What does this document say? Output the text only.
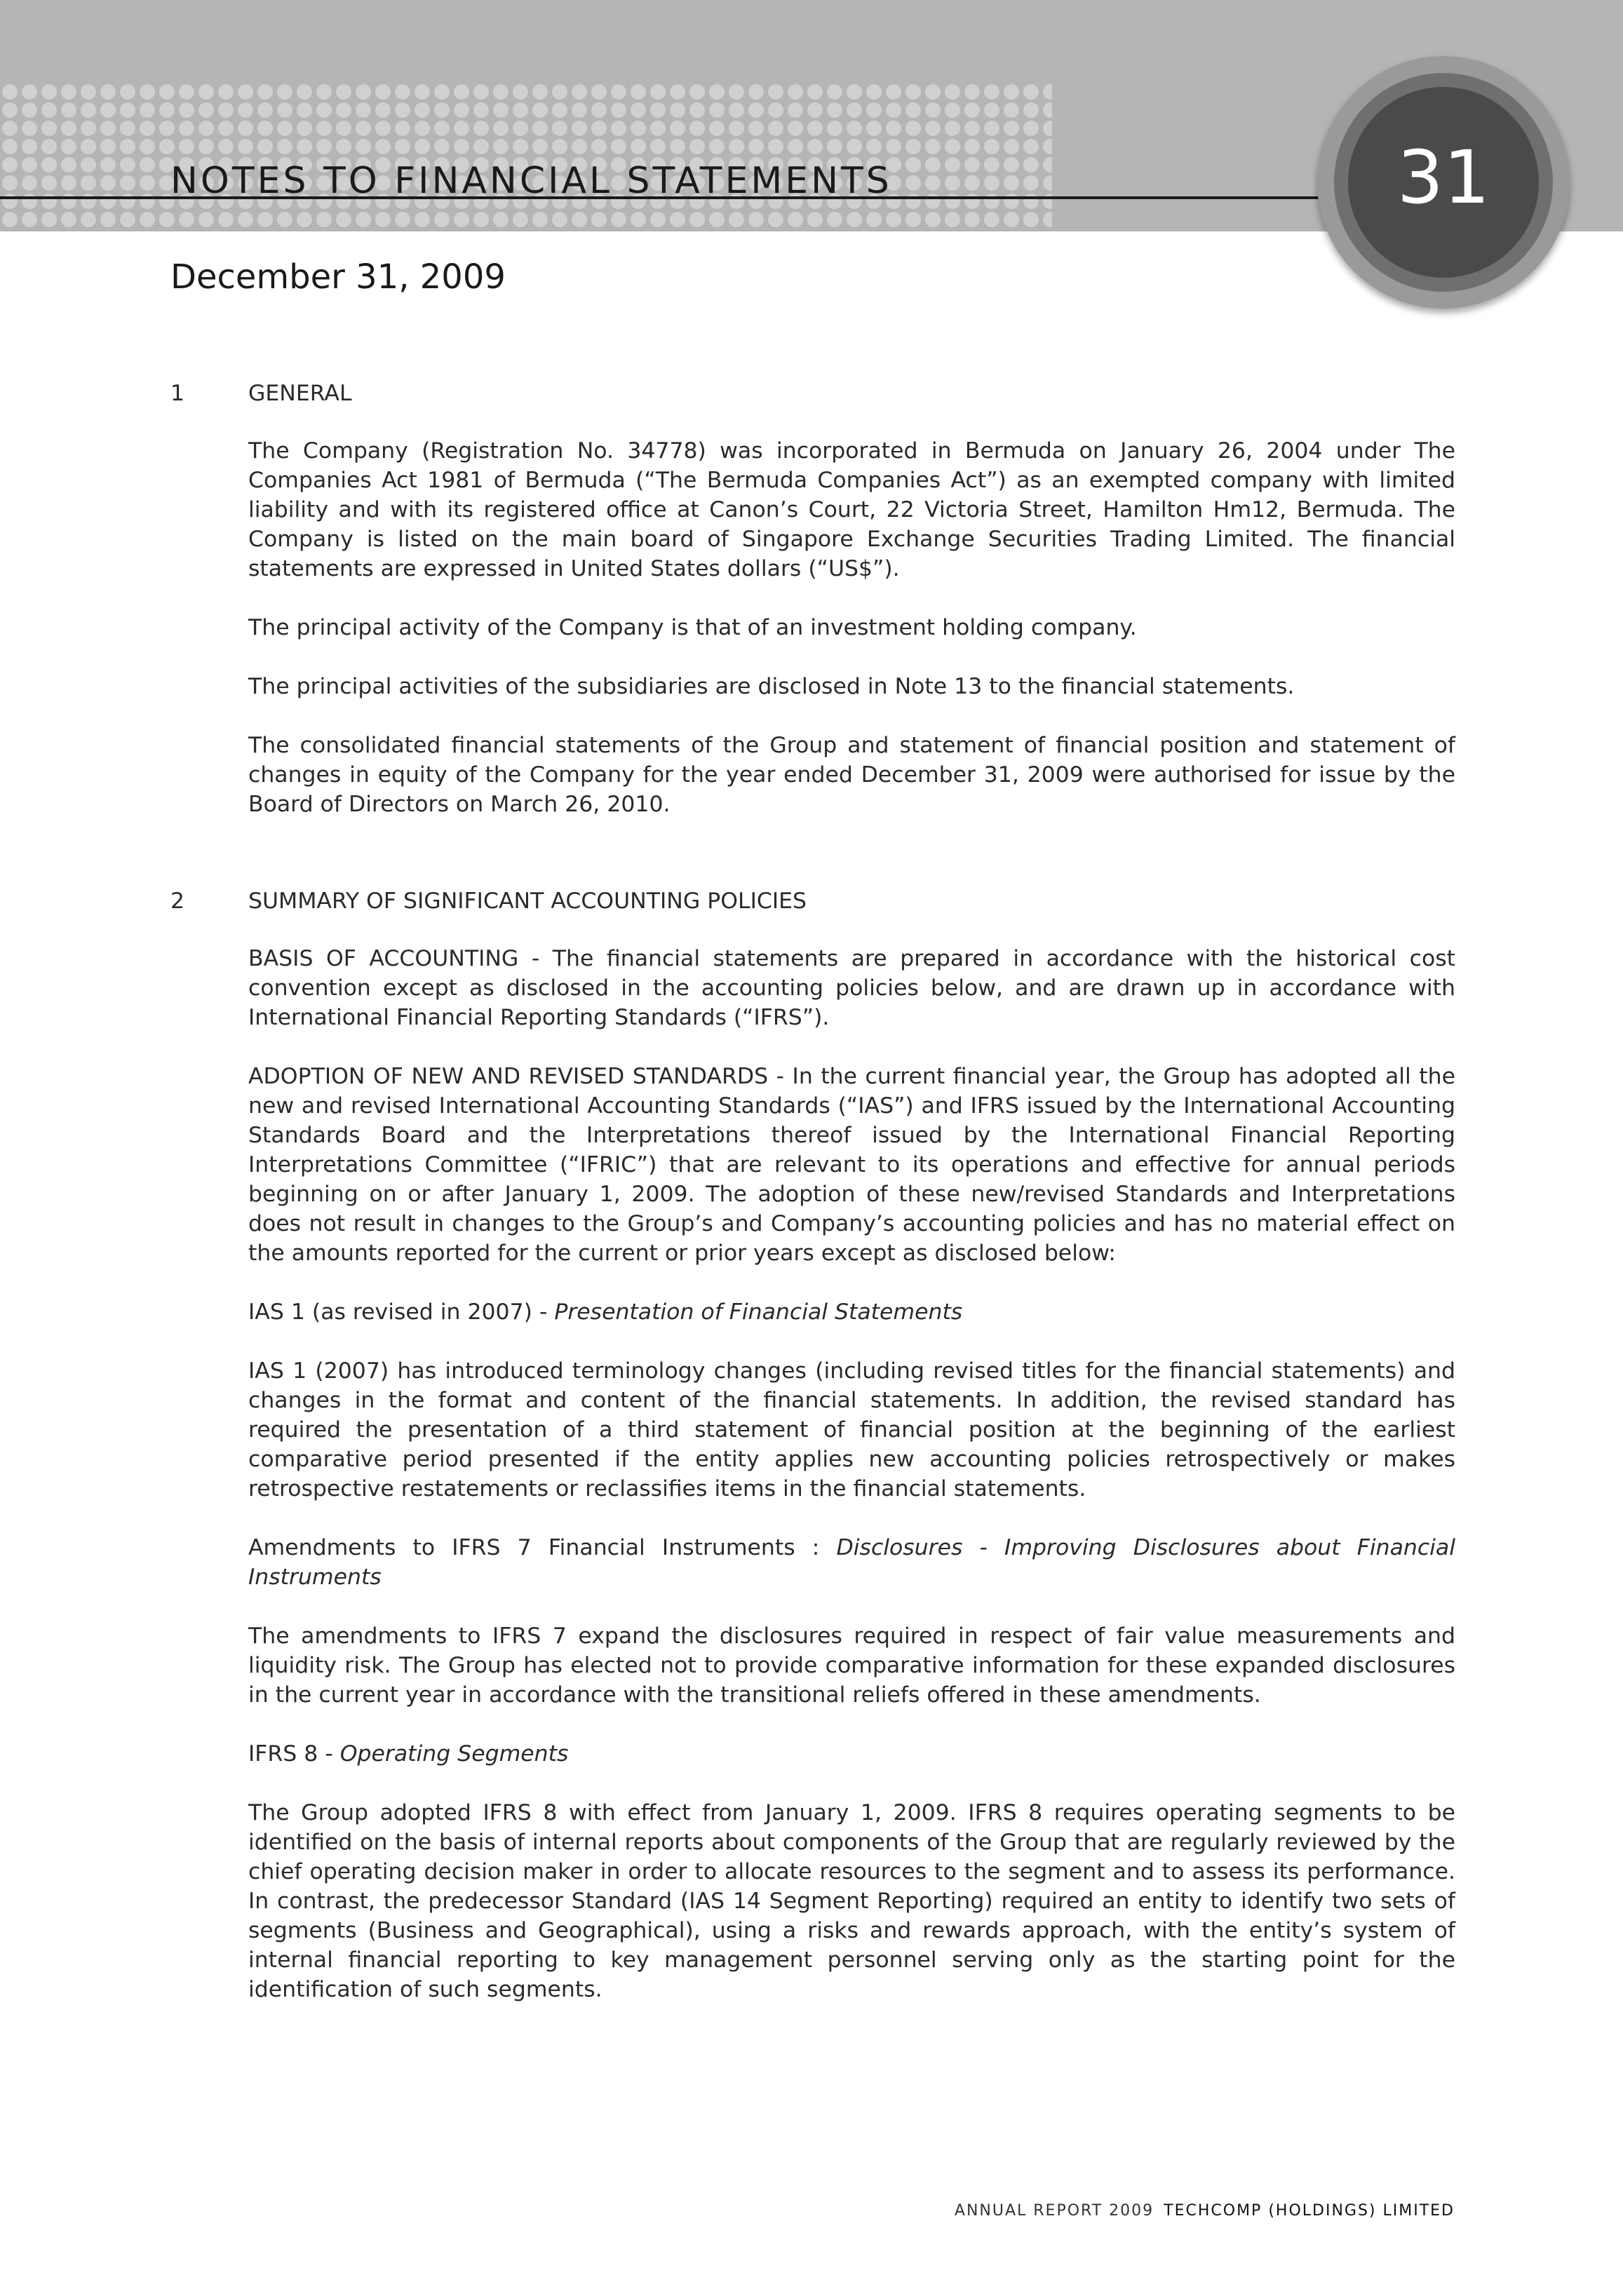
NOTES TO FINANCIAL STATEMENTS
December 31, 2009
31
1	GENERAL

The Company (Registration No. 34778) was incorporated in Bermuda on January 26, 2004 under The Companies Act 1981 of Bermuda (“The Bermuda Companies Act”) as an exempted company with limited liability and with its registered office at Canon’s Court, 22 Victoria Street, Hamilton Hm12, Bermuda. The Company is listed on the main board of Singapore Exchange Securities Trading Limited. The financial statements are expressed in United States dollars (“US$”).

The principal activity of the Company is that of an investment holding company.

The principal activities of the subsidiaries are disclosed in Note 13 to the financial statements.

The consolidated financial statements of the Group and statement of financial position and statement of changes in equity of the Company for the year ended December 31, 2009 were authorised for issue by the Board of Directors on March 26, 2010.

2	SUMMARY OF SIGNIFICANT ACCOUNTING POLICIES

BASIS OF ACCOUNTING - The financial statements are prepared in accordance with the historical cost convention except as disclosed in the accounting policies below, and are drawn up in accordance with International Financial Reporting Standards (“IFRS”).

ADOPTION OF NEW AND REVISED STANDARDS - In the current financial year, the Group has adopted all the new and revised International Accounting Standards (“IAS”) and IFRS issued by the International Accounting Standards Board and the Interpretations thereof issued by the International Financial Reporting Interpretations Committee (“IFRIC”) that are relevant to its operations and effective for annual periods beginning on or after January 1, 2009. The adoption of these new/revised Standards and Interpretations does not result in changes to the Group’s and Company’s accounting policies and has no material effect on the amounts reported for the current or prior years except as disclosed below:

IAS 1 (as revised in 2007) - Presentation of Financial Statements

IAS 1 (2007) has introduced terminology changes (including revised titles for the financial statements) and changes in the format and content of the financial statements. In addition, the revised standard has required the presentation of a third statement of financial position at the beginning of the earliest comparative period presented if the entity applies new accounting policies retrospectively or makes retrospective restatements or reclassifies items in the financial statements.

Amendments to IFRS 7 Financial Instruments : Disclosures - Improving Disclosures about Financial Instruments

The amendments to IFRS 7 expand the disclosures required in respect of fair value measurements and liquidity risk. The Group has elected not to provide comparative information for these expanded disclosures in the current year in accordance with the transitional reliefs offered in these amendments.

IFRS 8 - Operating Segments

The Group adopted IFRS 8 with effect from January 1, 2009. IFRS 8 requires operating segments to be identified on the basis of internal reports about components of the Group that are regularly reviewed by the chief operating decision maker in order to allocate resources to the segment and to assess its performance. In contrast, the predecessor Standard (IAS 14 Segment Reporting) required an entity to identify two sets of segments (Business and Geographical), using a risks and rewards approach, with the entity’s system of internal financial reporting to key management personnel serving only as the starting point for the identification of such segments.

ANNUAL REPORT 2009 TECHCOMP (HOLDINGS) LIMITED
